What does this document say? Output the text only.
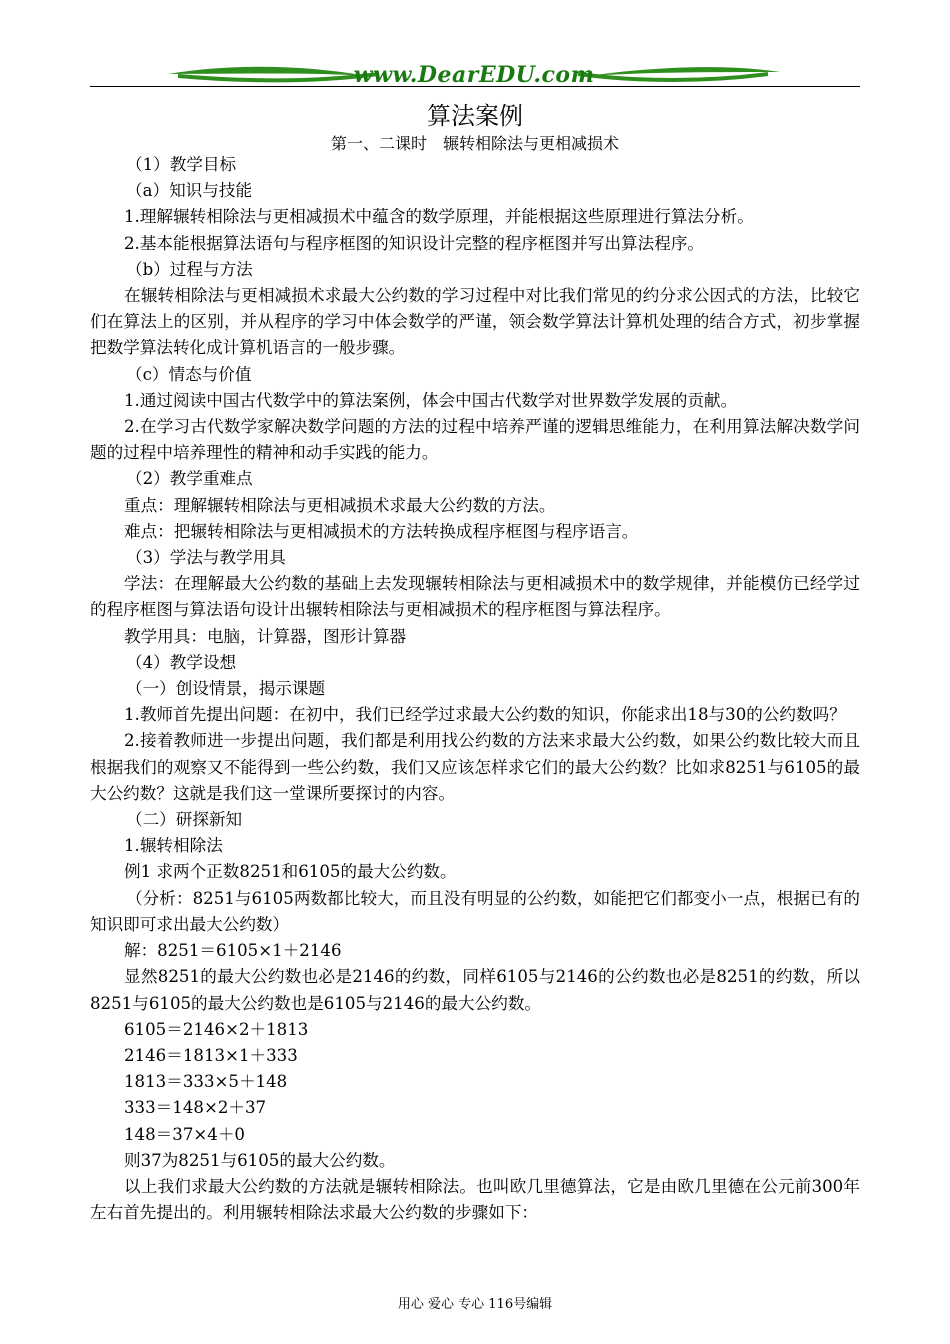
www.DearEDU.com
算法案例
第一、二课时　辗转相除法与更相减损术

（1）教学目标

（a）知识与技能

1.理解辗转相除法与更相减损术中蕴含的数学原理，并能根据这些原理进行算法分析。

2.基本能根据算法语句与程序框图的知识设计完整的程序框图并写出算法程序。

（b）过程与方法

在辗转相除法与更相减损术求最大公约数的学习过程中对比我们常见的约分求公因式的方法，比较它们在算法上的区别，并从程序的学习中体会数学的严谨，领会数学算法计算机处理的结合方式，初步掌握把数学算法转化成计算机语言的一般步骤。

（c）情态与价值

1.通过阅读中国古代数学中的算法案例，体会中国古代数学对世界数学发展的贡献。

2.在学习古代数学家解决数学问题的方法的过程中培养严谨的逻辑思维能力，在利用算法解决数学问题的过程中培养理性的精神和动手实践的能力。

（2）教学重难点

重点：理解辗转相除法与更相减损术求最大公约数的方法。

难点：把辗转相除法与更相减损术的方法转换成程序框图与程序语言。

（3）学法与教学用具

学法：在理解最大公约数的基础上去发现辗转相除法与更相减损术中的数学规律，并能模仿已经学过的程序框图与算法语句设计出辗转相除法与更相减损术的程序框图与算法程序。

教学用具：电脑，计算器，图形计算器

（4）教学设想

（一）创设情景，揭示课题

1.教师首先提出问题：在初中，我们已经学过求最大公约数的知识，你能求出18与30的公约数吗？

2.接着教师进一步提出问题，我们都是利用找公约数的方法来求最大公约数，如果公约数比较大而且根据我们的观察又不能得到一些公约数，我们又应该怎样求它们的最大公约数？比如求8251与6105的最大公约数？这就是我们这一堂课所要探讨的内容。

（二）研探新知

1.辗转相除法

例1 求两个正数8251和6105的最大公约数。

（分析：8251与6105两数都比较大，而且没有明显的公约数，如能把它们都变小一点，根据已有的知识即可求出最大公约数）

解：8251＝6105×1＋2146

显然8251的最大公约数也必是2146的约数，同样6105与2146的公约数也必是8251的约数，所以8251与6105的最大公约数也是6105与2146的最大公约数。

6105＝2146×2＋1813

2146＝1813×1＋333

1813＝333×5＋148

333＝148×2＋37

148＝37×4＋0

则37为8251与6105的最大公约数。

以上我们求最大公约数的方法就是辗转相除法。也叫欧几里德算法，它是由欧几里德在公元前300年左右首先提出的。利用辗转相除法求最大公约数的步骤如下：

用心 爱心 专心 116号编辑
